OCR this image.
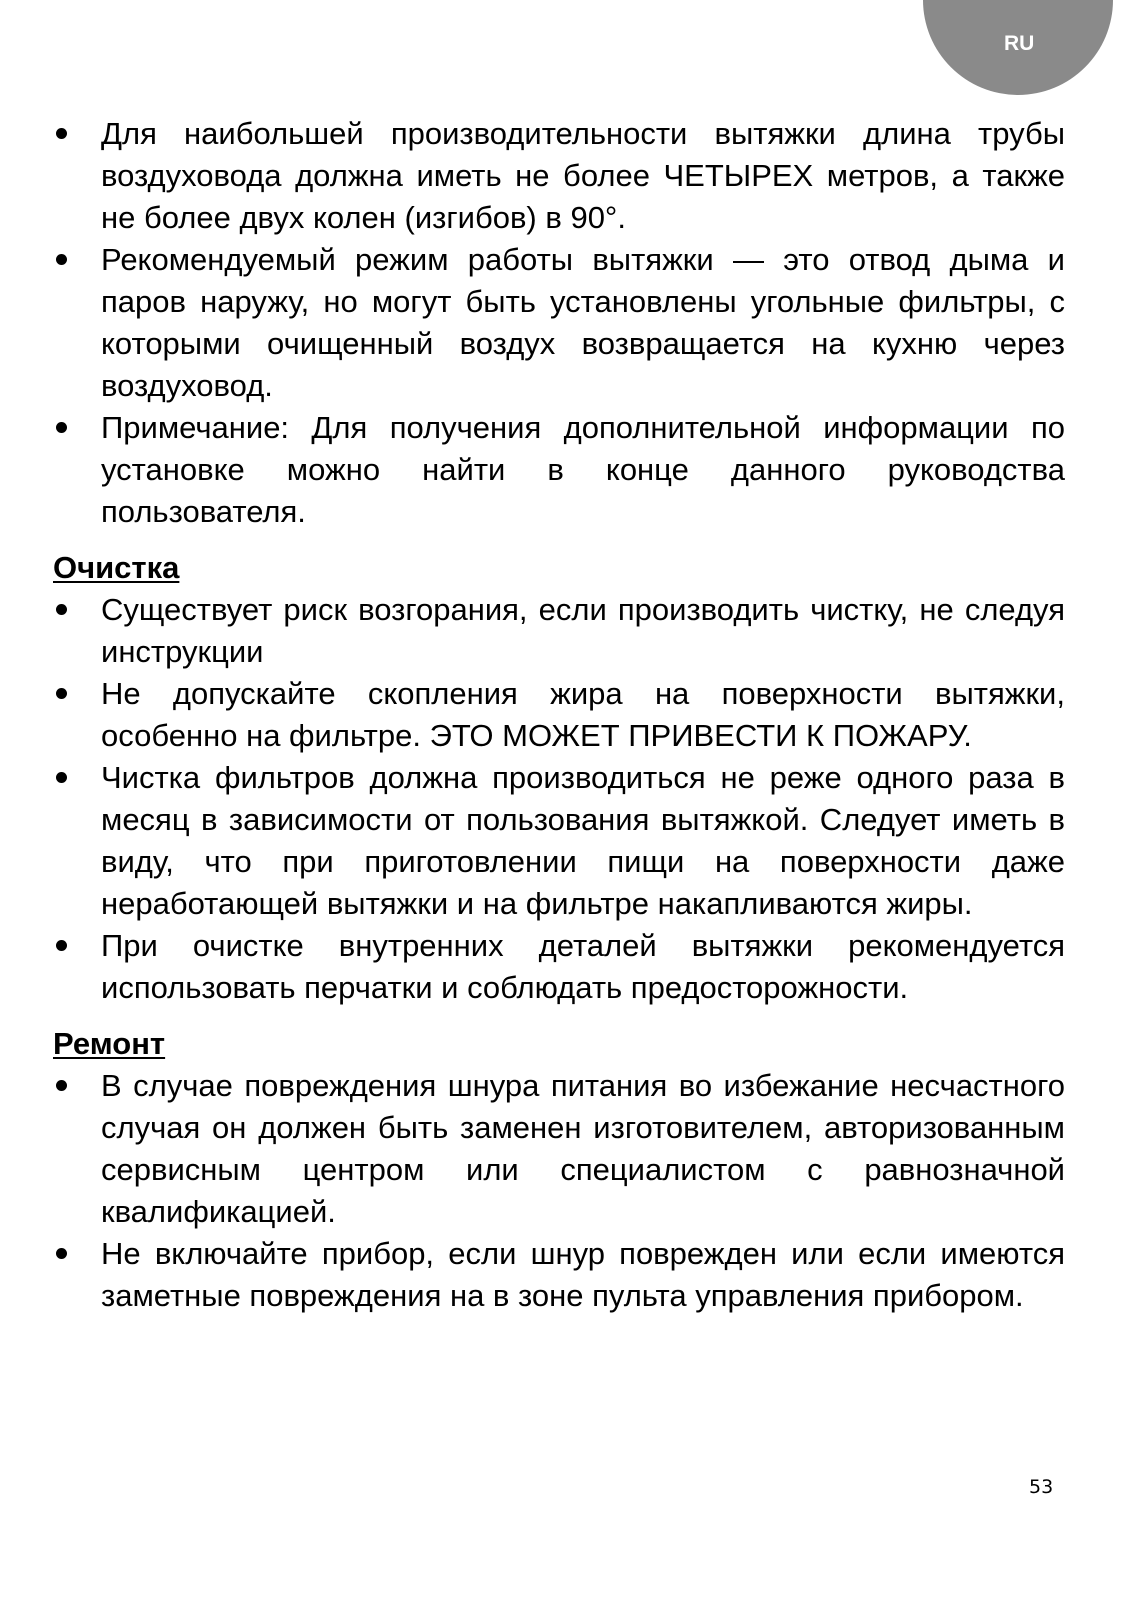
RU
Для наибольшей производительности вытяжки длина трубы воздуховода должна иметь не более ЧЕТЫРЕХ метров, а также не более двух колен (изгибов) в 90°.
Рекомендуемый режим работы вытяжки — это отвод дыма и паров наружу, но могут быть установлены угольные фильтры, с которыми очищенный воздух возвращается на кухню через воздуховод.
Примечание: Для получения дополнительной информации по установке можно найти в конце данного руководства пользователя.
Очистка
Существует риск возгорания, если производить чистку, не следуя инструкции
Не допускайте скопления жира на поверхности вытяжки, особенно на фильтре. ЭТО МОЖЕТ ПРИВЕСТИ К ПОЖАРУ.
Чистка фильтров должна производиться не реже одного раза в месяц в зависимости от пользования вытяжкой. Следует иметь в виду, что при приготовлении пищи на поверхности даже неработающей вытяжки и на фильтре накапливаются жиры.
При очистке внутренних деталей вытяжки рекомендуется использовать перчатки и соблюдать предосторожности.
Ремонт
В случае повреждения шнура питания во избежание несчастного случая он должен быть заменен изготовителем, авторизованным сервисным центром или специалистом с равнозначной квалификацией.
Не включайте прибор, если шнур поврежден или если имеются заметные повреждения на в зоне пульта управления прибором.
53
